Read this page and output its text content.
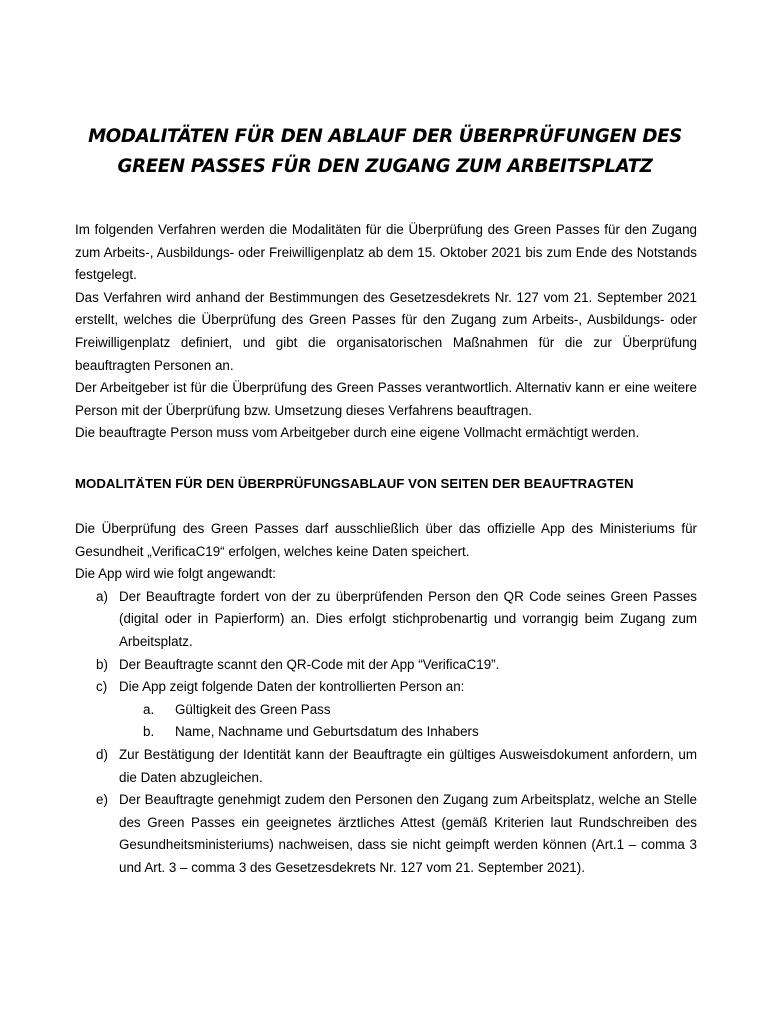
MODALITÄTEN FÜR DEN ABLAUF DER ÜBERPRÜFUNGEN DES
GREEN PASSES FÜR DEN ZUGANG ZUM ARBEITSPLATZ

Im folgenden Verfahren werden die Modalitäten für die Überprüfung des Green Passes für den Zugang zum Arbeits-, Ausbildungs- oder Freiwilligenplatz ab dem 15. Oktober 2021 bis zum Ende des Notstands festgelegt.

Das Verfahren wird anhand der Bestimmungen des Gesetzesdekrets Nr. 127 vom 21. September 2021 erstellt, welches die Überprüfung des Green Passes für den Zugang zum Arbeits-, Ausbildungs- oder Freiwilligenplatz definiert, und gibt die organisatorischen Maßnahmen für die zur Überprüfung beauftragten Personen an.

Der Arbeitgeber ist für die Überprüfung des Green Passes verantwortlich. Alternativ kann er eine weitere Person mit der Überprüfung bzw. Umsetzung dieses Verfahrens beauftragen.

Die beauftragte Person muss vom Arbeitgeber durch eine eigene Vollmacht ermächtigt werden.

MODALITÄTEN FÜR DEN ÜBERPRÜFUNGSABLAUF VON SEITEN DER BEAUFTRAGTEN

Die Überprüfung des Green Passes darf ausschließlich über das offizielle App des Ministeriums für Gesundheit „VerificaC19“ erfolgen, welches keine Daten speichert.

Die App wird wie folgt angewandt:

a) Der Beauftragte fordert von der zu überprüfenden Person den QR Code seines Green Passes (digital oder in Papierform) an. Dies erfolgt stichprobenartig und vorrangig beim Zugang zum Arbeitsplatz.
b) Der Beauftragte scannt den QR-Code mit der App “VerificaC19”.
c) Die App zeigt folgende Daten der kontrollierten Person an:
a. Gültigkeit des Green Pass
b. Name, Nachname und Geburtsdatum des Inhabers
d) Zur Bestätigung der Identität kann der Beauftragte ein gültiges Ausweisdokument anfordern, um die Daten abzugleichen.
e) Der Beauftragte genehmigt zudem den Personen den Zugang zum Arbeitsplatz, welche an Stelle des Green Passes ein geeignetes ärztliches Attest (gemäß Kriterien laut Rundschreiben des Gesundheitsministeriums) nachweisen, dass sie nicht geimpft werden können (Art.1 – comma 3 und Art. 3 – comma 3 des Gesetzesdekrets Nr. 127 vom 21. September 2021).
